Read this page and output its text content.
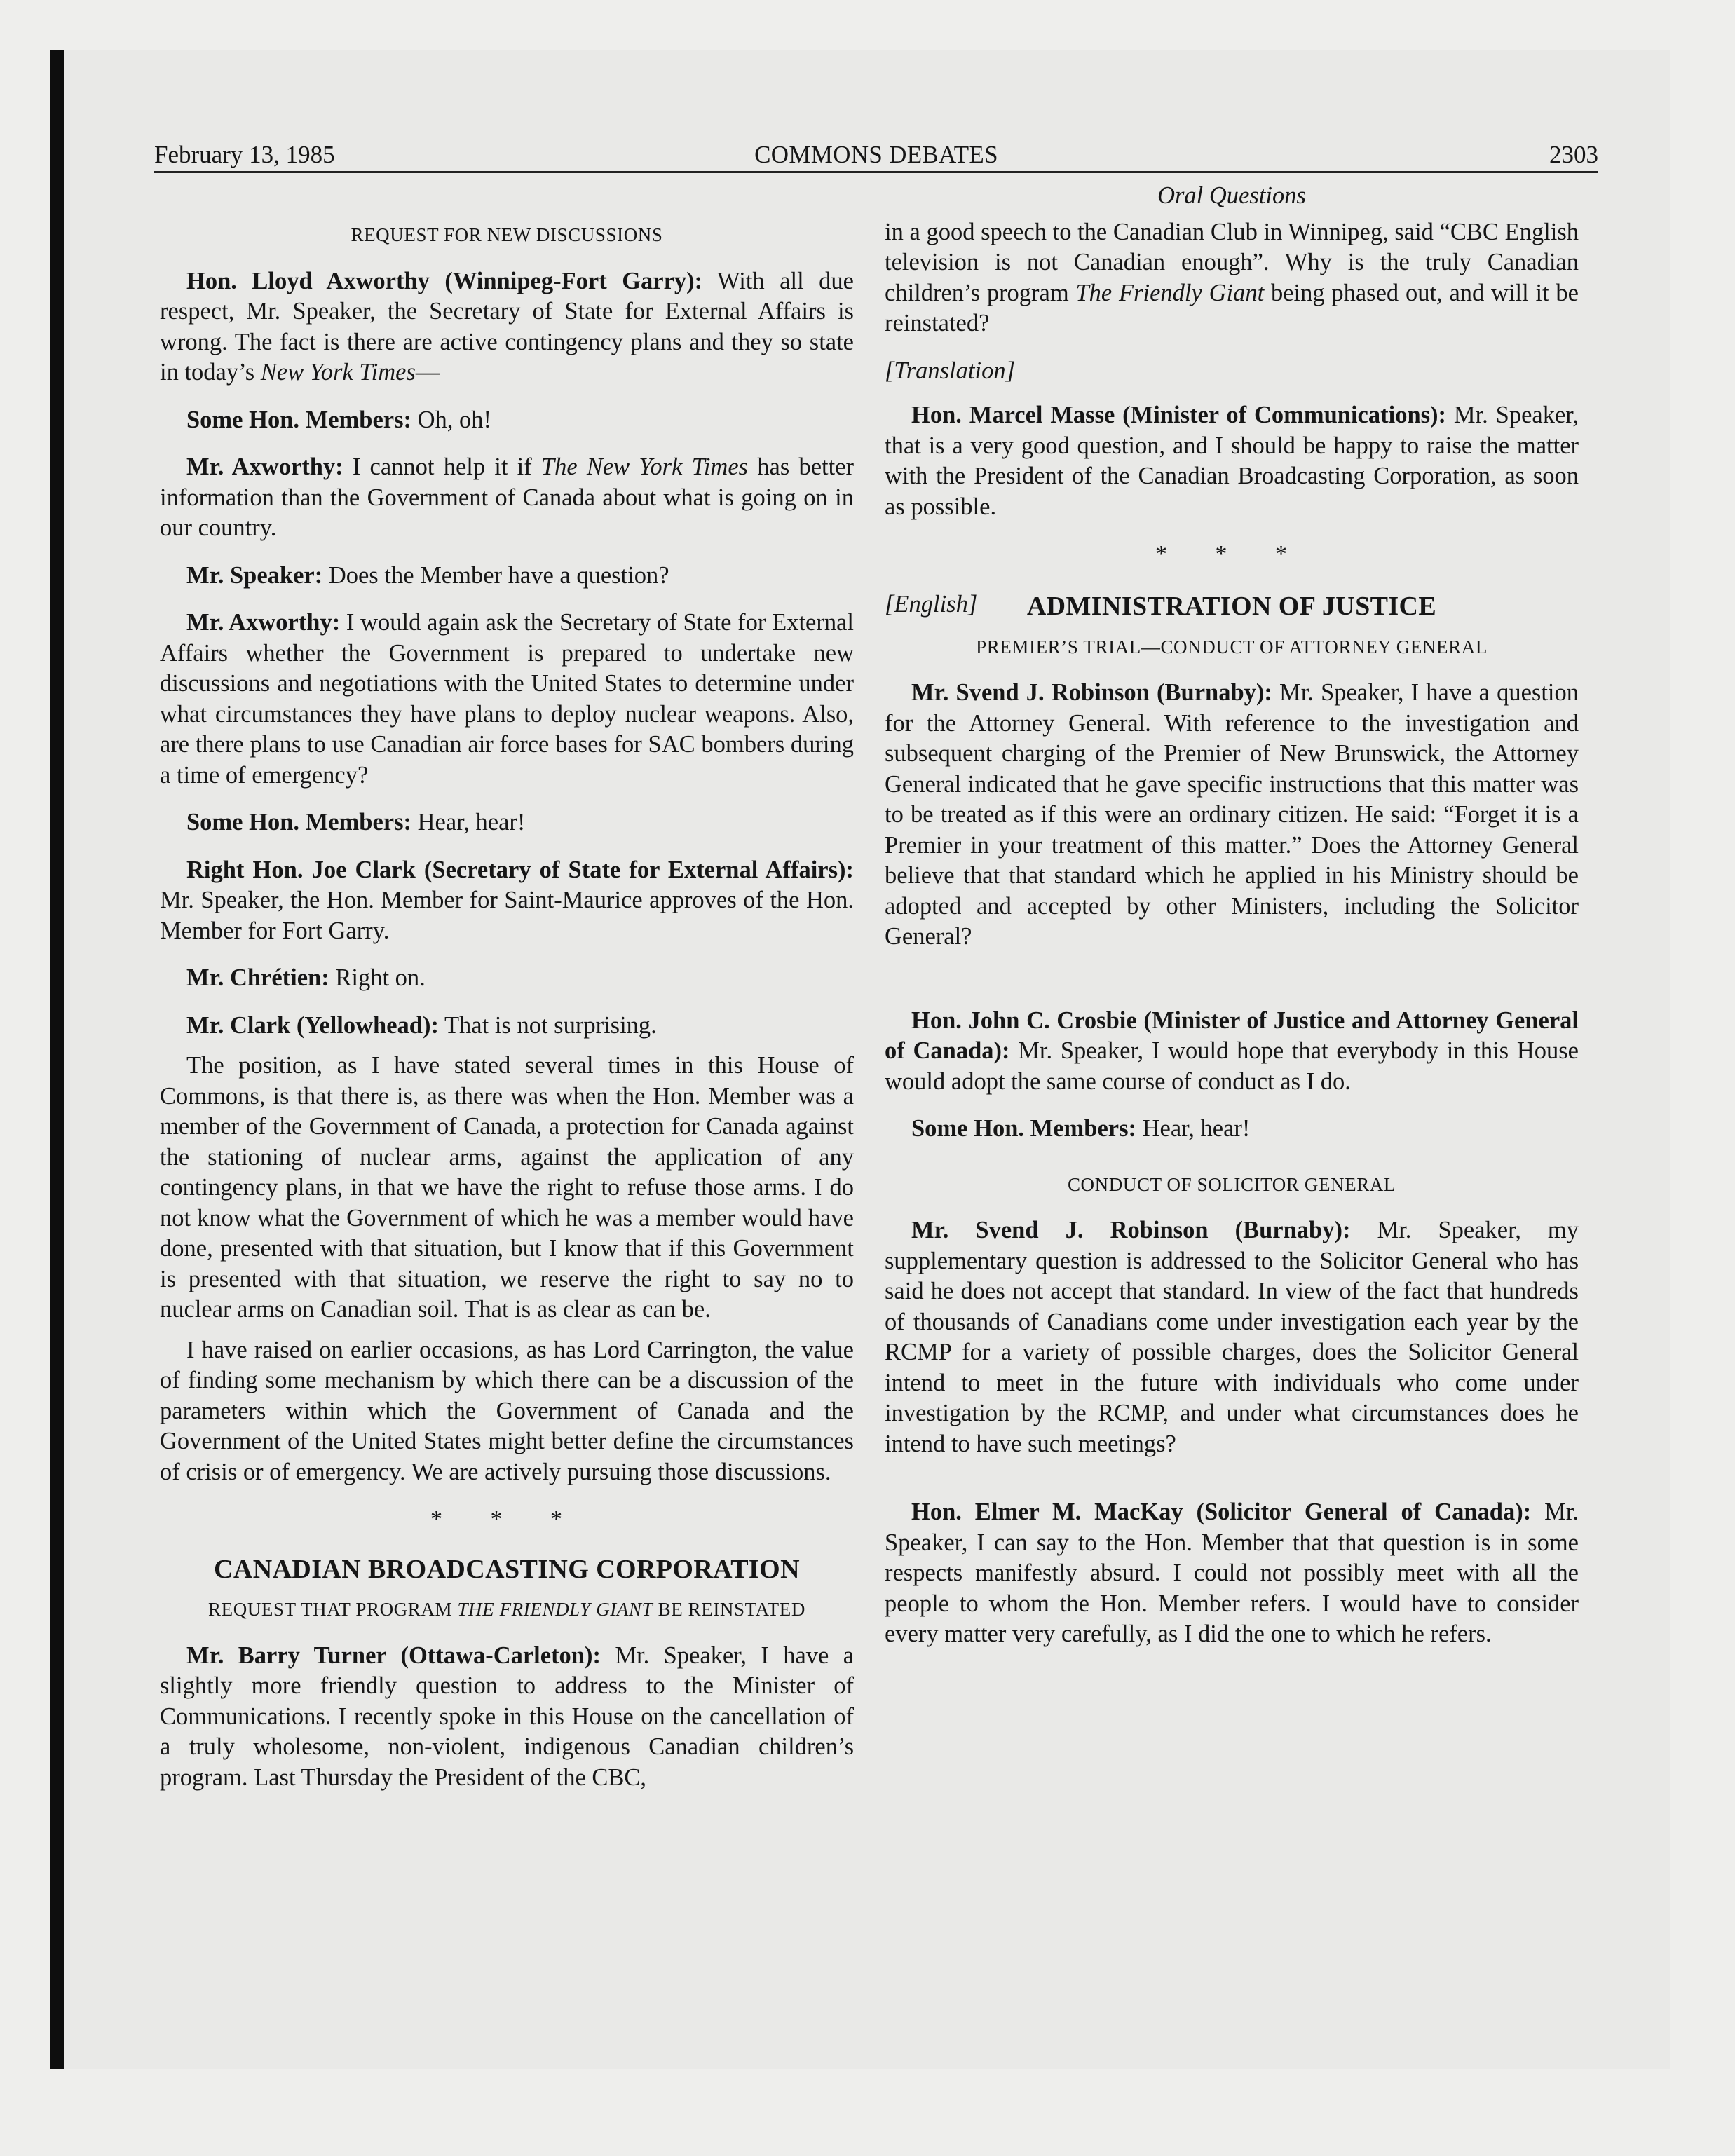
February 13, 1985	COMMONS DEBATES	2303
REQUEST FOR NEW DISCUSSIONS

Hon. Lloyd Axworthy (Winnipeg-Fort Garry): With all due respect, Mr. Speaker, the Secretary of State for External Affairs is wrong. The fact is there are active contingency plans and they so state in today’s New York Times—

Some Hon. Members: Oh, oh!

Mr. Axworthy: I cannot help it if The New York Times has better information than the Government of Canada about what is going on in our country.

Mr. Speaker: Does the Member have a question?

Mr. Axworthy: I would again ask the Secretary of State for External Affairs whether the Government is prepared to undertake new discussions and negotiations with the United States to determine under what circumstances they have plans to deploy nuclear weapons. Also, are there plans to use Canadian air force bases for SAC bombers during a time of emergency?

Some Hon. Members: Hear, hear!

Right Hon. Joe Clark (Secretary of State for External Affairs): Mr. Speaker, the Hon. Member for Saint-Maurice approves of the Hon. Member for Fort Garry.

Mr. Chrétien: Right on.

Mr. Clark (Yellowhead): That is not surprising.

The position, as I have stated several times in this House of Commons, is that there is, as there was when the Hon. Member was a member of the Government of Canada, a protection for Canada against the stationing of nuclear arms, against the application of any contingency plans, in that we have the right to refuse those arms. I do not know what the Government of which he was a member would have done, presented with that situation, but I know that if this Government is presented with that situation, we reserve the right to say no to nuclear arms on Canadian soil. That is as clear as can be.

I have raised on earlier occasions, as has Lord Carrington, the value of finding some mechanism by which there can be a discussion of the parameters within which the Government of Canada and the Government of the United States might better define the circumstances of crisis or of emergency. We are actively pursuing those discussions.

* * *
CANADIAN BROADCASTING CORPORATION
REQUEST THAT PROGRAM THE FRIENDLY GIANT BE REINSTATED

Mr. Barry Turner (Ottawa-Carleton): Mr. Speaker, I have a slightly more friendly question to address to the Minister of Communications. I recently spoke in this House on the cancellation of a truly wholesome, non-violent, indigenous Canadian children’s program. Last Thursday the President of the CBC,

Oral Questions

in a good speech to the Canadian Club in Winnipeg, said “CBC English television is not Canadian enough”. Why is the truly Canadian children’s program The Friendly Giant being phased out, and will it be reinstated?

[Translation]

Hon. Marcel Masse (Minister of Communications): Mr. Speaker, that is a very good question, and I should be happy to raise the matter with the President of the Canadian Broadcasting Corporation, as soon as possible.

* * *
[English]	ADMINISTRATION OF JUSTICE
PREMIER’S TRIAL—CONDUCT OF ATTORNEY GENERAL

Mr. Svend J. Robinson (Burnaby): Mr. Speaker, I have a question for the Attorney General. With reference to the investigation and subsequent charging of the Premier of New Brunswick, the Attorney General indicated that he gave specific instructions that this matter was to be treated as if this were an ordinary citizen. He said: “Forget it is a Premier in your treatment of this matter.” Does the Attorney General believe that that standard which he applied in his Ministry should be adopted and accepted by other Ministers, including the Solicitor General?

Hon. John C. Crosbie (Minister of Justice and Attorney General of Canada): Mr. Speaker, I would hope that everybody in this House would adopt the same course of conduct as I do.

Some Hon. Members: Hear, hear!

CONDUCT OF SOLICITOR GENERAL

Mr. Svend J. Robinson (Burnaby): Mr. Speaker, my supplementary question is addressed to the Solicitor General who has said he does not accept that standard. In view of the fact that hundreds of thousands of Canadians come under investigation each year by the RCMP for a variety of possible charges, does the Solicitor General intend to meet in the future with individuals who come under investigation by the RCMP, and under what circumstances does he intend to have such meetings?

Hon. Elmer M. MacKay (Solicitor General of Canada): Mr. Speaker, I can say to the Hon. Member that that question is in some respects manifestly absurd. I could not possibly meet with all the people to whom the Hon. Member refers. I would have to consider every matter very carefully, as I did the one to which he refers.
